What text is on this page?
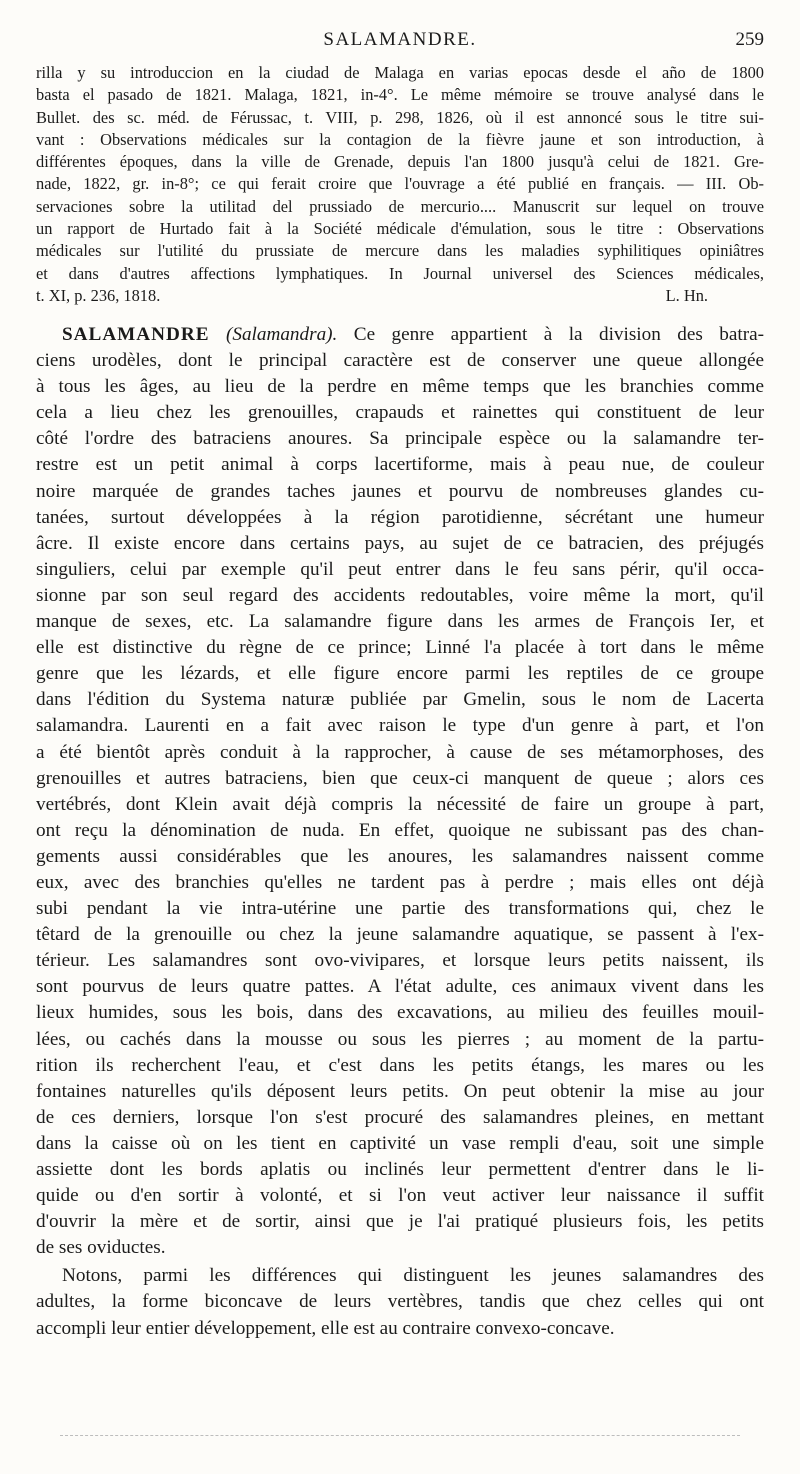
SALAMANDRE.	259
rilla y su introduccion en la ciudad de Malaga en varias epocas desde el año de 1800
basta el pasado de 1821. Malaga, 1821, in-4°. Le même mémoire se trouve analysé dans le
Bullet. des sc. méd. de Férussac, t. VIII, p. 298, 1826, où il est annoncé sous le titre sui-
vant : Observations médicales sur la contagion de la fièvre jaune et son introduction, à
différentes époques, dans la ville de Grenade, depuis l'an 1800 jusqu'à celui de 1821. Gre-
nade, 1822, gr. in-8°; ce qui ferait croire que l'ouvrage a été publié en français. — III. Ob-
servaciones sobre la utilitad del prussiado de mercurio.... Manuscrit sur lequel on trouve
un rapport de Hurtado fait à la Société médicale d'émulation, sous le titre : Observations
médicales sur l'utilité du prussiate de mercure dans les maladies syphilitiques opiniâtres
et dans d'autres affections lymphatiques. In Journal universel des Sciences médicales,
t. XI, p. 236, 1818.	L. Hn.
SALAMANDRE (Salamandra). Ce genre appartient à la division des batra-
ciens urodèles, dont le principal caractère est de conserver une queue allongée
à tous les âges, au lieu de la perdre en même temps que les branchies comme
cela a lieu chez les grenouilles, crapauds et rainettes qui constituent de leur
côté l'ordre des batraciens anoures. Sa principale espèce ou la salamandre ter-
restre est un petit animal à corps lacertiforme, mais à peau nue, de couleur
noire marquée de grandes taches jaunes et pourvu de nombreuses glandes cu-
tanées, surtout développées à la région parotidienne, sécrétant une humeur
âcre. Il existe encore dans certains pays, au sujet de ce batracien, des préjugés
singuliers, celui par exemple qu'il peut entrer dans le feu sans périr, qu'il occa-
sionne par son seul regard des accidents redoutables, voire même la mort, qu'il
manque de sexes, etc. La salamandre figure dans les armes de François Ier, et
elle est distinctive du règne de ce prince; Linné l'a placée à tort dans le même
genre que les lézards, et elle figure encore parmi les reptiles de ce groupe
dans l'édition du Systema naturæ publiée par Gmelin, sous le nom de Lacerta
salamandra. Laurenti en a fait avec raison le type d'un genre à part, et l'on
a été bientôt après conduit à la rapprocher, à cause de ses métamorphoses, des
grenouilles et autres batraciens, bien que ceux-ci manquent de queue ; alors ces
vertébrés, dont Klein avait déjà compris la nécessité de faire un groupe à part,
ont reçu la dénomination de nuda. En effet, quoique ne subissant pas des chan-
gements aussi considérables que les anoures, les salamandres naissent comme
eux, avec des branchies qu'elles ne tardent pas à perdre ; mais elles ont déjà
subi pendant la vie intra-utérine une partie des transformations qui, chez le
têtard de la grenouille ou chez la jeune salamandre aquatique, se passent à l'ex-
térieur. Les salamandres sont ovo-vivipares, et lorsque leurs petits naissent, ils
sont pourvus de leurs quatre pattes. A l'état adulte, ces animaux vivent dans les
lieux humides, sous les bois, dans des excavations, au milieu des feuilles mouil-
lées, ou cachés dans la mousse ou sous les pierres ; au moment de la partu-
rition ils recherchent l'eau, et c'est dans les petits étangs, les mares ou les
fontaines naturelles qu'ils déposent leurs petits. On peut obtenir la mise au jour
de ces derniers, lorsque l'on s'est procuré des salamandres pleines, en mettant
dans la caisse où on les tient en captivité un vase rempli d'eau, soit une simple
assiette dont les bords aplatis ou inclinés leur permettent d'entrer dans le li-
quide ou d'en sortir à volonté, et si l'on veut activer leur naissance il suffit
d'ouvrir la mère et de sortir, ainsi que je l'ai pratiqué plusieurs fois, les petits
de ses oviductes.
Notons, parmi les différences qui distinguent les jeunes salamandres des
adultes, la forme biconcave de leurs vertèbres, tandis que chez celles qui ont
accompli leur entier développement, elle est au contraire convexo-concave.
